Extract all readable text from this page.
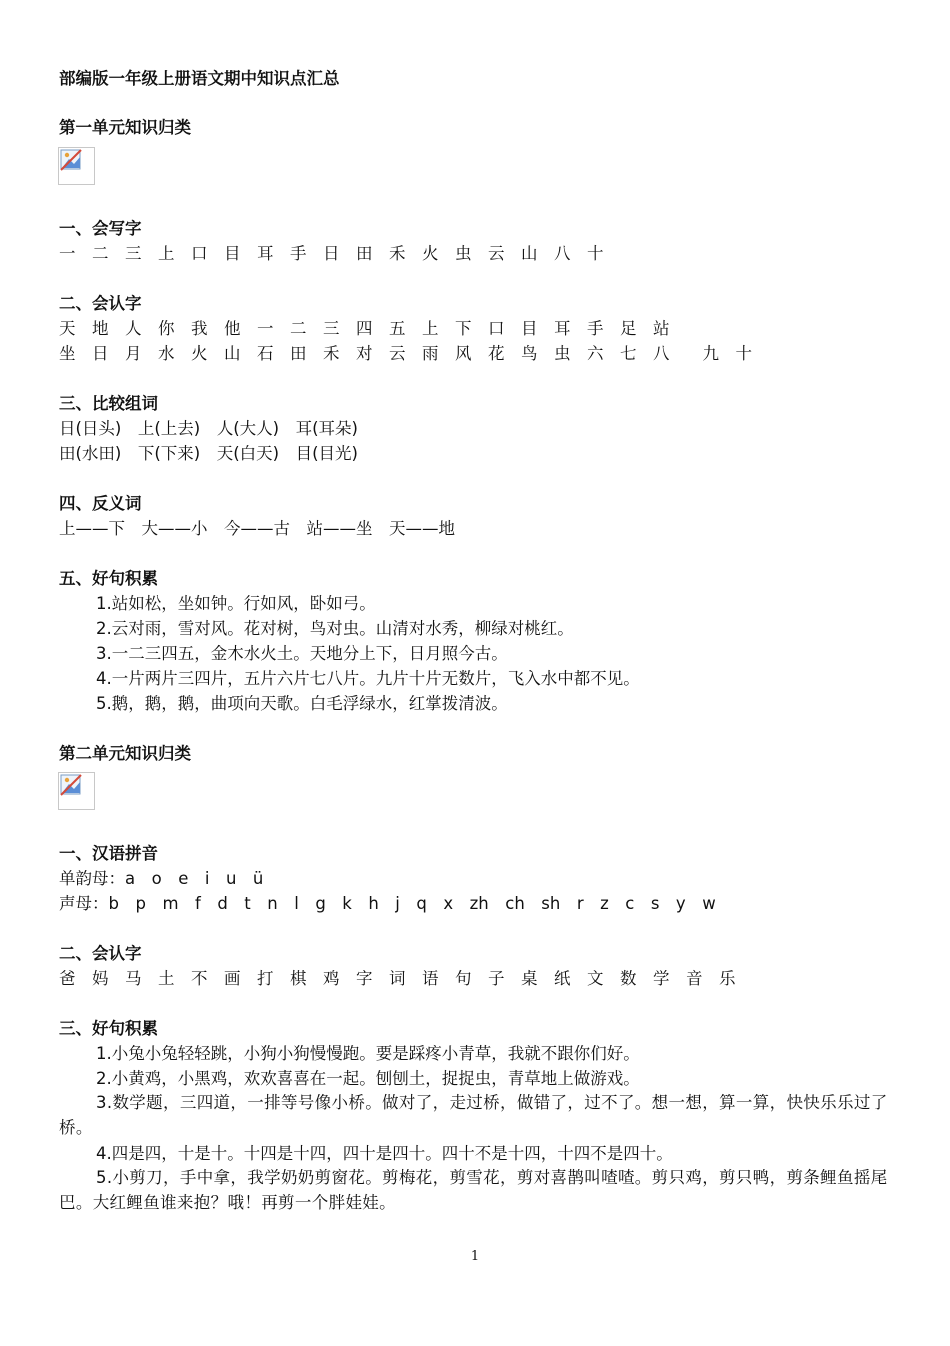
部编版一年级上册语文期中知识点汇总
第一单元知识归类
一、会写字
一　二　三　上　口　目　耳　手　日　田　禾　火　虫　云　山　八　十
二、会认字
天　地　人　你　我　他　一　二　三　四　五　上　下　口　目　耳　手　足　站
坐　日　月　水　火　山　石　田　禾　对　云　雨　风　花　鸟　虫　六　七　八　　九　十
三、比较组词
日(日头)　上(上去)　人(大人)　耳(耳朵)
田(水田)　下(下来)　天(白天)　目(目光)
四、反义词
上——下　大——小　今——古　站——坐　天——地
五、好句积累
1.站如松，坐如钟。行如风，卧如弓。
2.云对雨，雪对风。花对树，鸟对虫。山清对水秀，柳绿对桃红。
3.一二三四五，金木水火土。天地分上下，日月照今古。
4.一片两片三四片，五片六片七八片。九片十片无数片，飞入水中都不见。
5.鹅，鹅，鹅，曲项向天歌。白毛浮绿水，红掌拨清波。
第二单元知识归类
一、汉语拼音
单韵母：a　o　e　i　u　ü
声母：b　p　m　f　d　t　n　l　g　k　h　j　q　x　zh　ch　sh　r　z　c　s　y　w
二、会认字
爸　妈　马　土　不　画　打　棋　鸡　字　词　语　句　子　桌　纸　文　数　学　音　乐
三、好句积累
1.小兔小兔轻轻跳，小狗小狗慢慢跑。要是踩疼小青草，我就不跟你们好。
2.小黄鸡，小黑鸡，欢欢喜喜在一起。刨刨土，捉捉虫，青草地上做游戏。
3.数学题，三四道，一排等号像小桥。做对了，走过桥，做错了，过不了。想一想，算一算，快快乐乐过了桥。
4.四是四，十是十。十四是十四，四十是四十。四十不是十四，十四不是四十。
5.小剪刀，手中拿，我学奶奶剪窗花。剪梅花，剪雪花，剪对喜鹊叫喳喳。剪只鸡，剪只鸭，剪条鲤鱼摇尾巴。大红鲤鱼谁来抱？哦！再剪一个胖娃娃。
1
